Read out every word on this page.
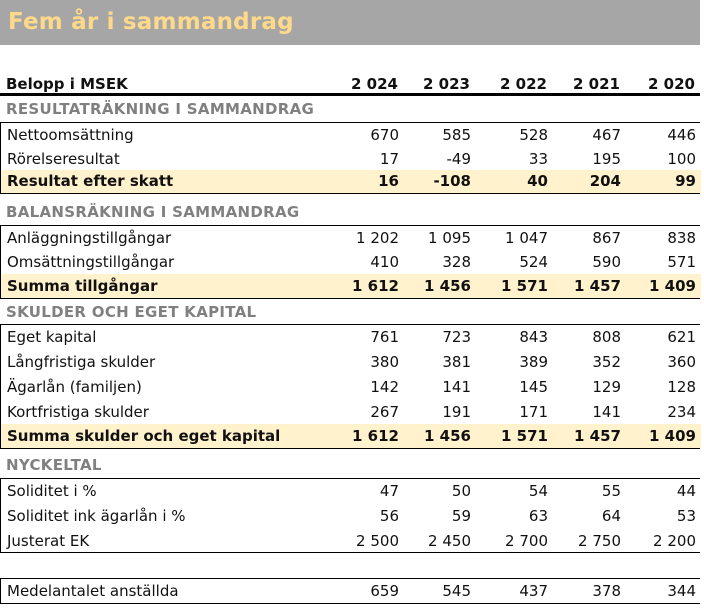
Fem år i sammandrag
Belopp i MSEK	2 024	2 023	2 022	2 021	2 020
RESULTATRÄKNING I SAMMANDRAG
Nettoomsättning	670	585	528	467	446
Rörelseresultat	17	-49	33	195	100
Resultat efter skatt	16	-108	40	204	99
BALANSRÄKNING I SAMMANDRAG
Anläggningstillgångar	1 202	1 095	1 047	867	838
Omsättningstillgångar	410	328	524	590	571
Summa tillgångar	1 612	1 456	1 571	1 457	1 409
SKULDER OCH EGET KAPITAL
Eget kapital	761	723	843	808	621
Långfristiga skulder	380	381	389	352	360
Ägarlån (familjen)	142	141	145	129	128
Kortfristiga skulder	267	191	171	141	234
Summa skulder och eget kapital	1 612	1 456	1 571	1 457	1 409
NYCKELTAL
Soliditet i %	47	50	54	55	44
Soliditet ink ägarlån i %	56	59	63	64	53
Justerat EK	2 500	2 450	2 700	2 750	2 200
Medelantalet anställda	659	545	437	378	344
